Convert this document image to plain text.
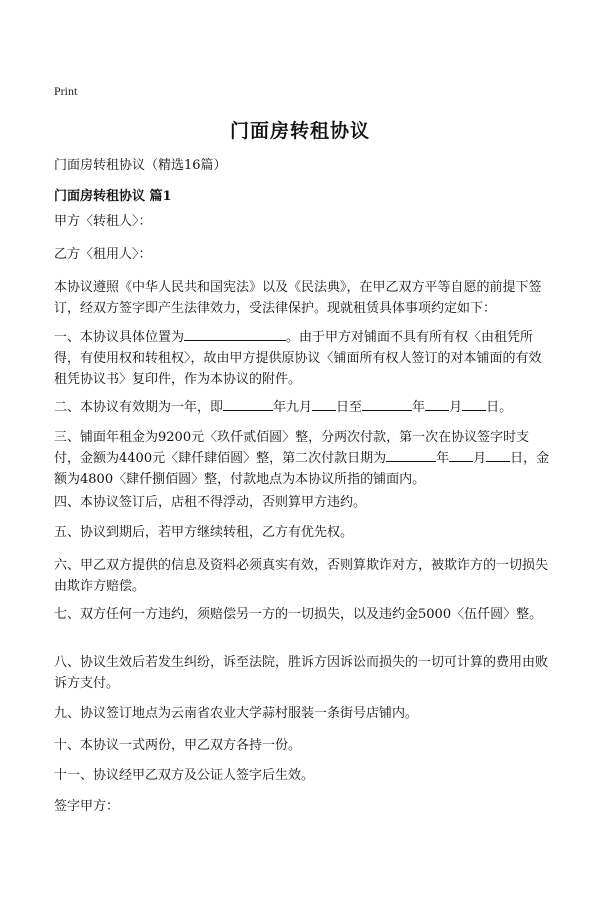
Print
门面房转租协议
门面房转租协议（精选16篇）
门面房转租协议 篇1

甲方〈转租人〉：

乙方〈租用人〉：

本协议遵照《中华人民共和国宪法》以及《民法典》，在甲乙双方平等自愿的前提下签订，经双方签字即产生法律效力，受法律保护。现就租赁具体事项约定如下：

一、本协议具体位置为	。由于甲方对铺面不具有所有权〈由租凭所得，有使用权和转租权〉，故由甲方提供原协议〈铺面所有权人签订的对本铺面的有效租凭协议书〉复印件，作为本协议的附件。

二、本协议有效期为一年，即	年九月 日至	年 月 日。

三、铺面年租金为9200元〈玖仟贰佰圆〉整，分两次付款，第一次在协议签字时支付，金额为4400元〈肆仟肆佰圆〉整，第二次付款日期为	年 月 日，金额为4800〈肆仟捌佰圆〉整，付款地点为本协议所指的铺面内。

四、本协议签订后，店租不得浮动，否则算甲方违约。

五、协议到期后，若甲方继续转租，乙方有优先权。

六、甲乙双方提供的信息及资料必须真实有效，否则算欺诈对方，被欺诈方的一切损失由欺诈方赔偿。

七、双方任何一方违约，须赔偿另一方的一切损失，以及违约金5000〈伍仟圆〉整。

八、协议生效后若发生纠纷，诉至法院，胜诉方因诉讼而损失的一切可计算的费用由败诉方支付。

九、协议签订地点为云南省农业大学蒜村服装一条街号店铺内。

十、本协议一式两份，甲乙双方各持一份。

十一、协议经甲乙双方及公证人签字后生效。

签字甲方：
